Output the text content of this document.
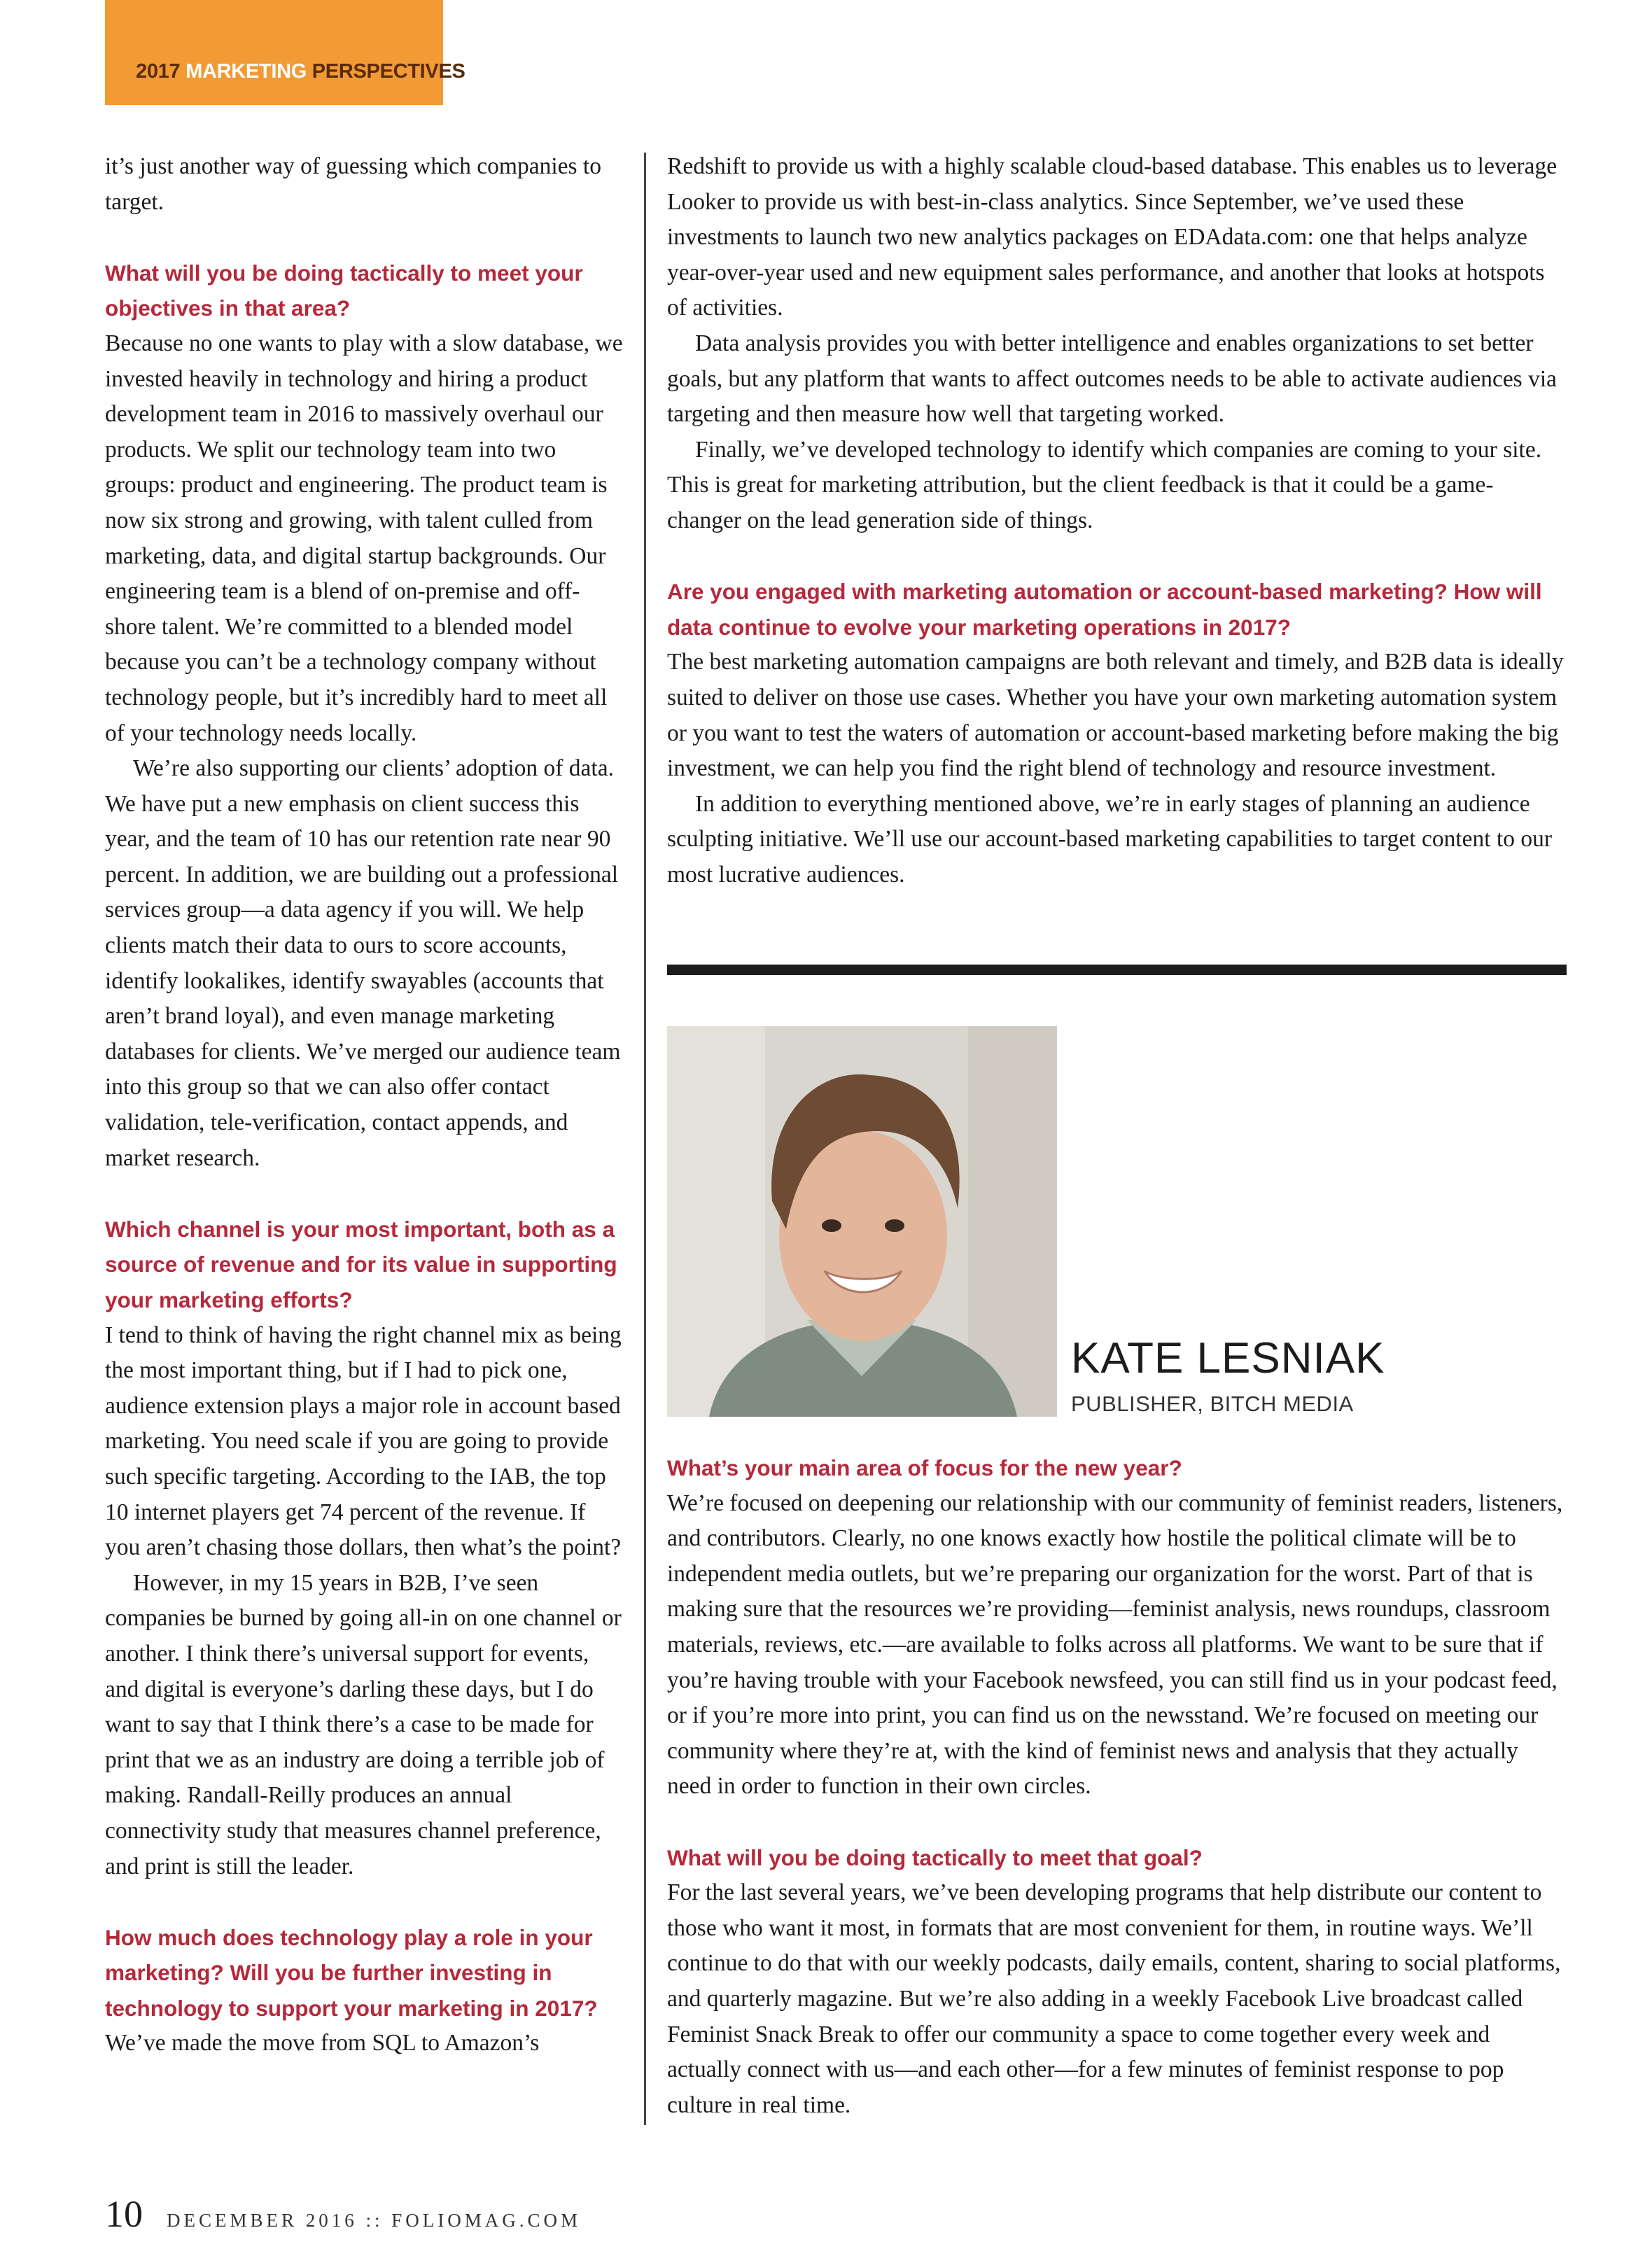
2017 MARKETING PERSPECTIVES

it’s just another way of guessing which companies to target.

What will you be doing tactically to meet your objectives in that area?

Because no one wants to play with a slow database, we invested heavily in technology and hiring a product development team in 2016 to massively overhaul our products. We split our technology team into two groups: product and engineering. The product team is now six strong and growing, with talent culled from marketing, data, and digital startup backgrounds. Our engineering team is a blend of on-premise and off-shore talent. We’re committed to a blended model because you can’t be a technology company without technology people, but it’s incredibly hard to meet all of your technology needs locally.

We’re also supporting our clients’ adoption of data. We have put a new emphasis on client success this year, and the team of 10 has our retention rate near 90 percent. In addition, we are building out a professional services group—a data agency if you will. We help clients match their data to ours to score accounts, identify lookalikes, identify swayables (accounts that aren’t brand loyal), and even manage marketing databases for clients. We’ve merged our audience team into this group so that we can also offer contact validation, tele-verification, contact appends, and market research.

Which channel is your most important, both as a source of revenue and for its value in supporting your marketing efforts?

I tend to think of having the right channel mix as being the most important thing, but if I had to pick one, audience extension plays a major role in account based marketing. You need scale if you are going to provide such specific targeting. According to the IAB, the top 10 internet players get 74 percent of the revenue. If you aren’t chasing those dollars, then what’s the point?

However, in my 15 years in B2B, I’ve seen companies be burned by going all-in on one channel or another. I think there’s universal support for events, and digital is everyone’s darling these days, but I do want to say that I think there’s a case to be made for print that we as an industry are doing a terrible job of making. Randall-Reilly produces an annual connectivity study that measures channel preference, and print is still the leader.

How much does technology play a role in your marketing? Will you be further investing in technology to support your marketing in 2017?

We’ve made the move from SQL to Amazon’s

Redshift to provide us with a highly scalable cloud-based database. This enables us to leverage Looker to provide us with best-in-class analytics. Since September, we’ve used these investments to launch two new analytics packages on EDAdata.com: one that helps analyze year-over-year used and new equipment sales performance, and another that looks at hotspots of activities.

Data analysis provides you with better intelligence and enables organizations to set better goals, but any platform that wants to affect outcomes needs to be able to activate audiences via targeting and then measure how well that targeting worked.

Finally, we’ve developed technology to identify which companies are coming to your site. This is great for marketing attribution, but the client feedback is that it could be a game-changer on the lead generation side of things.

Are you engaged with marketing automation or account-based marketing? How will data continue to evolve your marketing operations in 2017?

The best marketing automation campaigns are both relevant and timely, and B2B data is ideally suited to deliver on those use cases. Whether you have your own marketing automation system or you want to test the waters of automation or account-based marketing before making the big investment, we can help you find the right blend of technology and resource investment.

In addition to everything mentioned above, we’re in early stages of planning an audience sculpting initiative. We’ll use our account-based marketing capabilities to target content to our most lucrative audiences.

KATE LESNIAK
PUBLISHER, BITCH MEDIA

What’s your main area of focus for the new year?

We’re focused on deepening our relationship with our community of feminist readers, listeners, and contributors. Clearly, no one knows exactly how hostile the political climate will be to independent media outlets, but we’re preparing our organization for the worst. Part of that is making sure that the resources we’re providing—feminist analysis, news roundups, classroom materials, reviews, etc.—are available to folks across all platforms. We want to be sure that if you’re having trouble with your Facebook newsfeed, you can still find us in your podcast feed, or if you’re more into print, you can find us on the newsstand. We’re focused on meeting our community where they’re at, with the kind of feminist news and analysis that they actually need in order to function in their own circles.

What will you be doing tactically to meet that goal?

For the last several years, we’ve been developing programs that help distribute our content to those who want it most, in formats that are most convenient for them, in routine ways. We’ll continue to do that with our weekly podcasts, daily emails, content, sharing to social platforms, and quarterly magazine. But we’re also adding in a weekly Facebook Live broadcast called Feminist Snack Break to offer our community a space to come together every week and actually connect with us—and each other—for a few minutes of feminist response to pop culture in real time.

10 DECEMBER 2016 :: FOLIOMAG.COM
